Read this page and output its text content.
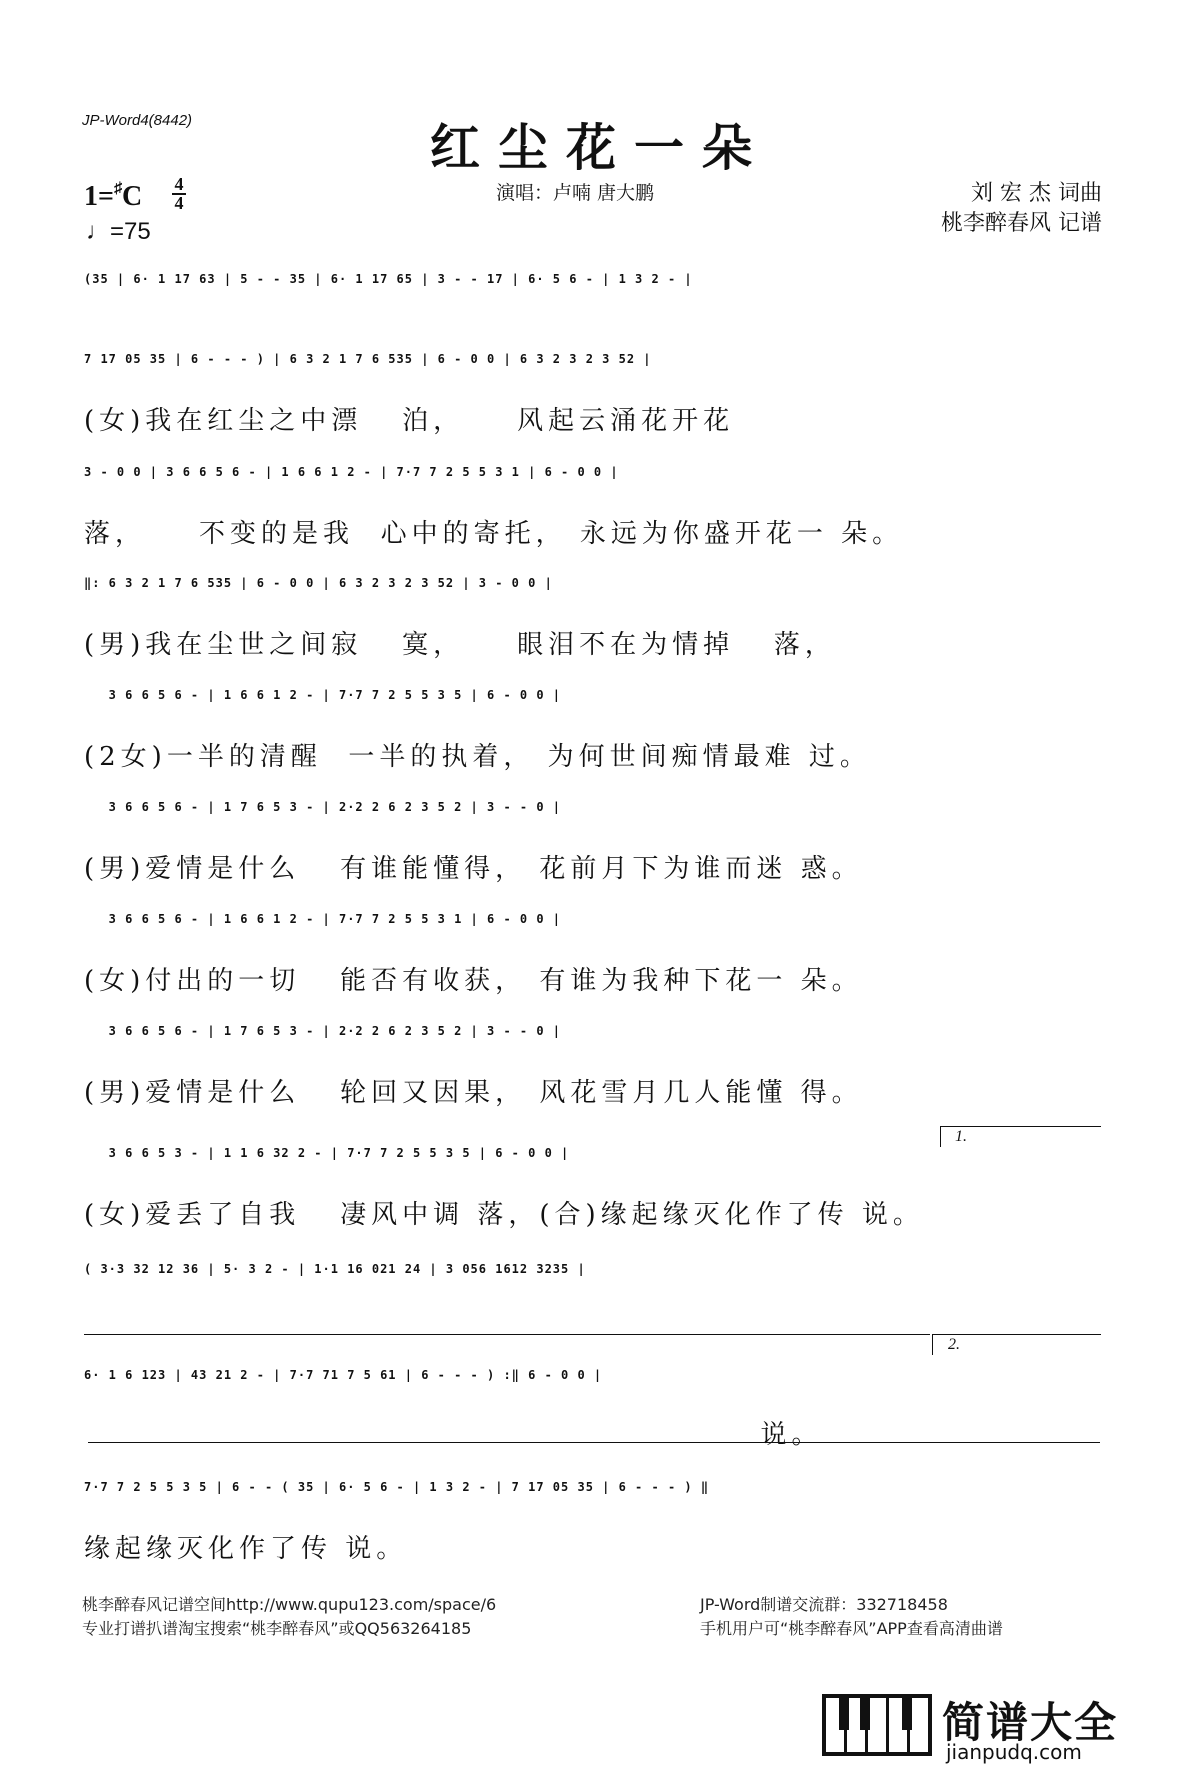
JP-Word4(8442)	红尘花一朵
1=♯C 4
4
♩=75
演唱：卢喃 唐大鹏	刘 宏 杰 词曲
桃李醉春风 记谱
(35 | 6· 1 17 63 | 5 - - 35 | 6· 1 17 65 | 3 - - 17 | 6· 5 6 - | 1 3 2 - |
7 17 05 35 | 6 - - - ) | 6 3 2 1 7 6 535 | 6 - 0 0 | 6 3 2 3 2 3 52 |
(女)我在红尘之中漂   泊，    风起云涌花开花
3 - 0 0 | 3 6 6 5 6 - | 1 6 6 1 2 - | 7·7 7 2 5 5 3 1 | 6 - 0 0 |
落，    不变的是我  心中的寄托， 永远为你盛开花一 朵。
‖: 6 3 2 1 7 6 535 | 6 - 0 0 | 6 3 2 3 2 3 52 | 3 - 0 0 |
(男)我在尘世之间寂   寞，    眼泪不在为情掉   落，
3 6 6 5 6 - | 1 6 6 1 2 - | 7·7 7 2 5 5 3 5 | 6 - 0 0 |
(2女)一半的清醒  一半的执着， 为何世间痴情最难 过。
3 6 6 5 6 - | 1 7 6 5 3 - | 2·2 2 6 2 3 5 2 | 3 - - 0 |
(男)爱情是什么   有谁能懂得， 花前月下为谁而迷 惑。
3 6 6 5 6 - | 1 6 6 1 2 - | 7·7 7 2 5 5 3 1 | 6 - 0 0 |
(女)付出的一切   能否有收获， 有谁为我种下花一 朵。
3 6 6 5 6 - | 1 7 6 5 3 - | 2·2 2 6 2 3 5 2 | 3 - - 0 |
(男)爱情是什么   轮回又因果， 风花雪月几人能懂 得。
3 6 6 5 3 - | 1 1 6 32 2 - | 7·7 7 2 5 5 3 5 | 6 - 0 0 |
(女)爱丢了自我   凄风中调 落，(合)缘起缘灭化作了传 说。
( 3·3 32 12 36 | 5· 3 2 - | 1·1 16 021 24 | 3 056 1612 3235 |
6· 1 6 123 | 43 21 2 - | 7·7 71 7 5 61 | 6 - - - ) :‖ 6 - 0 0 |
说。
7·7 7 2 5 5 3 5 | 6 - - ( 35 | 6· 5 6 - | 1 3 2 - | 7 17 05 35 | 6 - - - ) ‖
缘起缘灭化作了传 说。
1.
2.
桃李醉春风记谱空间http://www.qupu123.com/space/6
专业打谱扒谱淘宝搜索“桃李醉春风”或QQ563264185
JP-Word制谱交流群：332718458
手机用户可“桃李醉春风”APP查看高清曲谱
简谱大全
jianpudq.com
